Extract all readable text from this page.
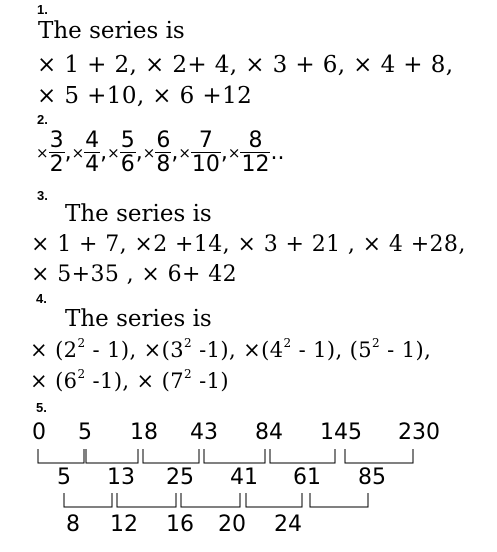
1.
The series is
× 1 + 2, × 2+ 4, × 3 + 6, × 4 + 8,
× 5 +10, × 6 +12
2.
× $\frac{3}{2}$ ,× $\frac{4}{4}$ ,× $\frac{5}{6}$ ,× $\frac{6}{8}$ ,× $\frac{7}{10}$ ,× $\frac{8}{12}$ ..
3.
The series is
× 1 + 7, ×2 +14, × 3 + 21 , × 4 +28,
× 5+35 , × 6+ 42
4.
The series is
× $(2^2 - 1)$, $\times(3^2$ -1), $\times(4^2 - 1)$, $(5^2 - 1)$,
× ($6^2$ -1), × ($7^2$ -1)
5.
0 5 18 43 84 145 230
5 13 25 41 61 85
8 12 16 20 24
